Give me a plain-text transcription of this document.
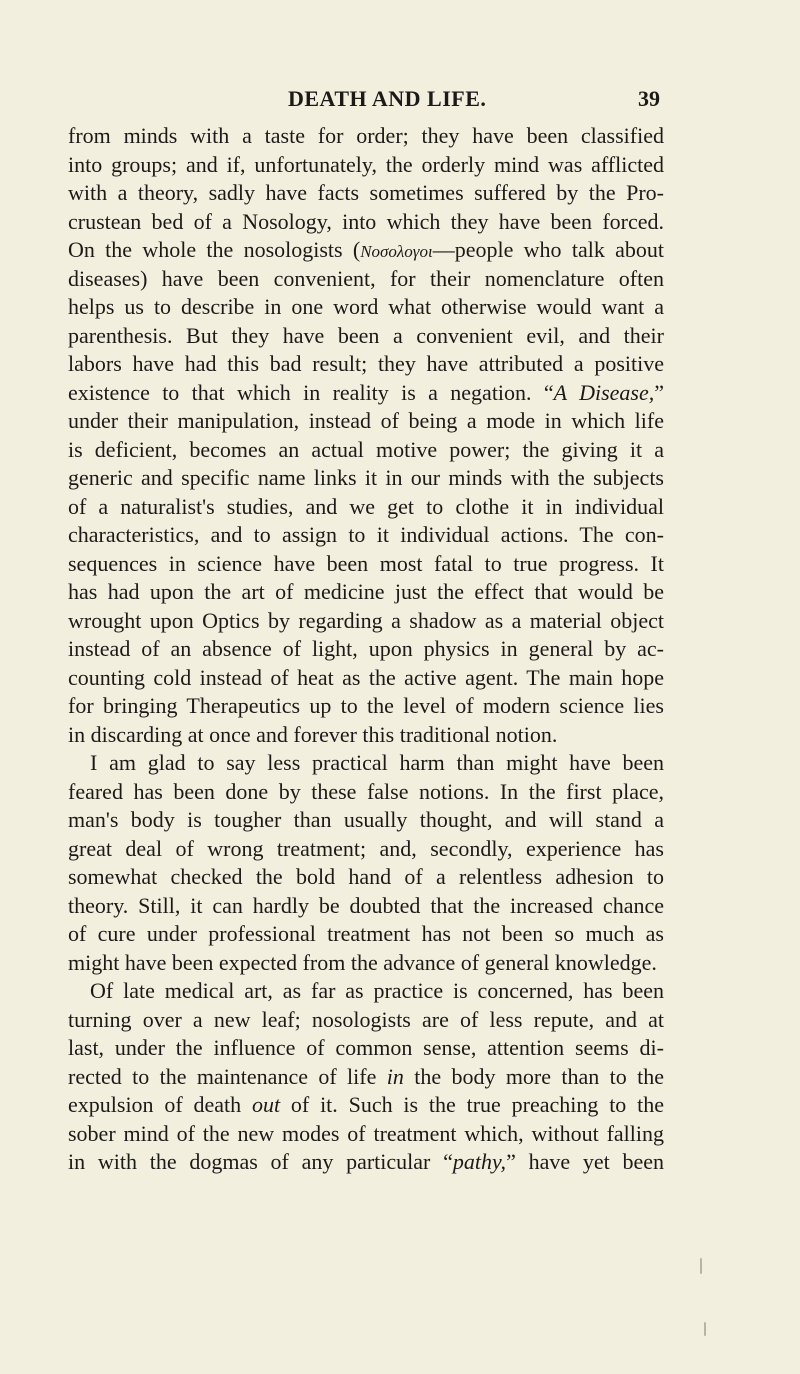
DEATH AND LIFE.	39
from minds with a taste for order; they have been classified
into groups; and if, unfortunately, the orderly mind was afflicted
with a theory, sadly have facts sometimes suffered by the Pro-
crustean bed of a Nosology, into which they have been forced.
On the whole the nosologists (Νοσολογοι—people who talk about
diseases) have been convenient, for their nomenclature often
helps us to describe in one word what otherwise would want a
parenthesis. But they have been a convenient evil, and their
labors have had this bad result; they have attributed a positive
existence to that which in reality is a negation. “A Disease,”
under their manipulation, instead of being a mode in which life
is deficient, becomes an actual motive power; the giving it a
generic and specific name links it in our minds with the subjects
of a naturalist's studies, and we get to clothe it in individual
characteristics, and to assign to it individual actions. The con-
sequences in science have been most fatal to true progress. It
has had upon the art of medicine just the effect that would be
wrought upon Optics by regarding a shadow as a material object
instead of an absence of light, upon physics in general by ac-
counting cold instead of heat as the active agent. The main hope
for bringing Therapeutics up to the level of modern science lies
in discarding at once and forever this traditional notion.
I am glad to say less practical harm than might have been
feared has been done by these false notions. In the first place,
man's body is tougher than usually thought, and will stand a
great deal of wrong treatment; and, secondly, experience has
somewhat checked the bold hand of a relentless adhesion to
theory. Still, it can hardly be doubted that the increased chance
of cure under professional treatment has not been so much as
might have been expected from the advance of general knowledge.
Of late medical art, as far as practice is concerned, has been
turning over a new leaf; nosologists are of less repute, and at
last, under the influence of common sense, attention seems di-
rected to the maintenance of life in the body more than to the
expulsion of death out of it. Such is the true preaching to the
sober mind of the new modes of treatment which, without falling
in with the dogmas of any particular “pathy,” have yet been
